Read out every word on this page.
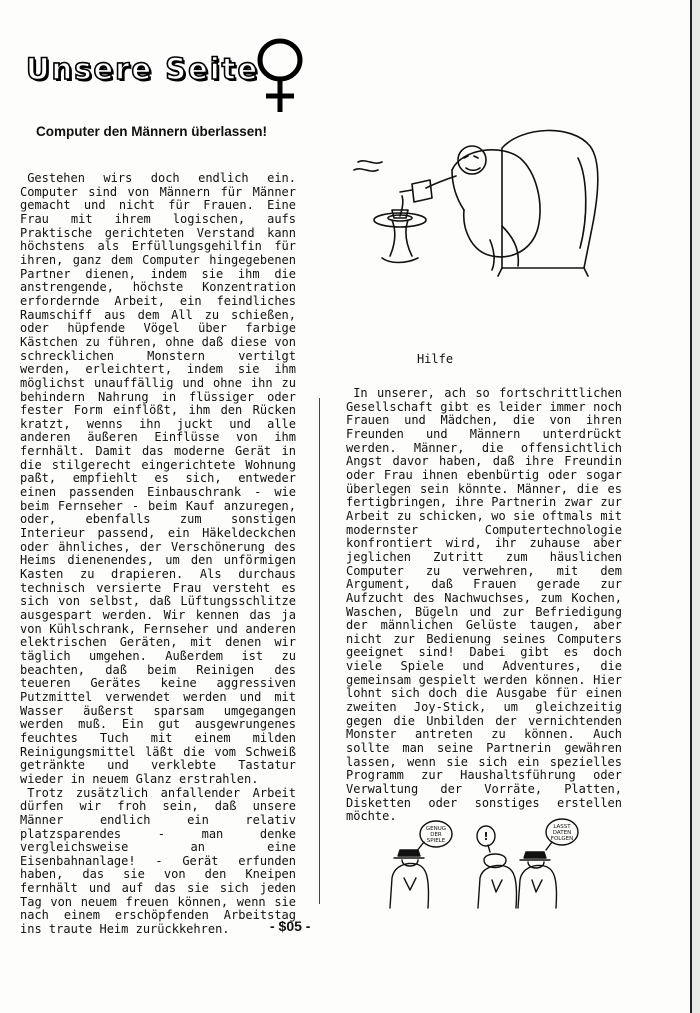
Unsere Seite
Computer den Männern überlassen!

Gestehen wirs doch endlich ein. Computer sind von Männern für Männer gemacht und nicht für Frauen. Eine Frau mit ihrem logischen, aufs Praktische gerichteten Verstand kann höchstens als Erfüllungsgehilfin für ihren, ganz dem Computer hingegebenen Partner dienen, indem sie ihm die anstrengende, höchste Konzentration erfordernde Arbeit, ein feindliches Raumschiff aus dem All zu schießen, oder hüpfende Vögel über farbige Kästchen zu führen, ohne daß diese von schrecklichen Monstern vertilgt werden, erleichtert, indem sie ihm möglichst unauffällig und ohne ihn zu behindern Nahrung in flüssiger oder fester Form einflößt, ihm den Rücken kratzt, wenns ihn juckt und alle anderen äußeren Einflüsse von ihm fernhält. Damit das moderne Gerät in die stilgerecht eingerichtete Wohnung paßt, empfiehlt es sich, entweder einen passenden Einbauschrank - wie beim Fernseher - beim Kauf anzuregen, oder, ebenfalls zum sonstigen Interieur passend, ein Häkeldeckchen oder ähnliches, der Verschönerung des Heims dienenendes, um den unförmigen Kasten zu drapieren. Als durchaus technisch versierte Frau versteht es sich von selbst, daß Lüftungsschlitze ausgespart werden. Wir kennen das ja von Kühlschrank, Fernseher und anderen elektrischen Geräten, mit denen wir täglich umgehen. Außerdem ist zu beachten, daß beim Reinigen des teueren Gerätes keine aggressiven Putzmittel verwendet werden und mit Wasser äußerst sparsam umgegangen werden muß. Ein gut ausgewrungenes feuchtes Tuch mit einem milden Reinigungsmittel läßt die vom Schweiß getränkte und verklebte Tastatur wieder in neuem Glanz erstrahlen.

Trotz zusätzlich anfallender Arbeit dürfen wir froh sein, daß unsere Männer endlich ein relativ platzsparendes - man denke vergleichsweise an eine Eisenbahnanlage! - Gerät erfunden haben, das sie von den Kneipen fernhält und auf das sie sich jeden Tag von neuem freuen können, wenn sie nach einem erschöpfenden Arbeitstag ins traute Heim zurückkehren.

Hilfe

In unserer, ach so fortschrittlichen Gesellschaft gibt es leider immer noch Frauen und Mädchen, die von ihren Freunden und Männern unterdrückt werden. Männer, die offensichtlich Angst davor haben, daß ihre Freundin oder Frau ihnen ebenbürtig oder sogar überlegen sein könnte. Männer, die es fertigbringen, ihre Partnerin zwar zur Arbeit zu schicken, wo sie oftmals mit modernster Computertechnologie konfrontiert wird, ihr zuhause aber jeglichen Zutritt zum häuslichen Computer zu verwehren, mit dem Argument, daß Frauen gerade zur Aufzucht des Nachwuchses, zum Kochen, Waschen, Bügeln und zur Befriedigung der männlichen Gelüste taugen, aber nicht zur Bedienung seines Computers geeignet sind! Dabei gibt es doch viele Spiele und Adventures, die gemeinsam gespielt werden können. Hier lohnt sich doch die Ausgabe für einen zweiten Joy-Stick, um gleichzeitig gegen die Unbilden der vernichtenden Monster antreten zu können. Auch sollte man seine Partnerin gewähren lassen, wenn sie sich ein spezielles Programm zur Haushaltsführung oder Verwaltung der Vorräte, Platten, Disketten oder sonstiges erstellen möchte.

GENUG
DER
SPIELE	!
LASST
DATEN
FOLGEN

- $05 -
